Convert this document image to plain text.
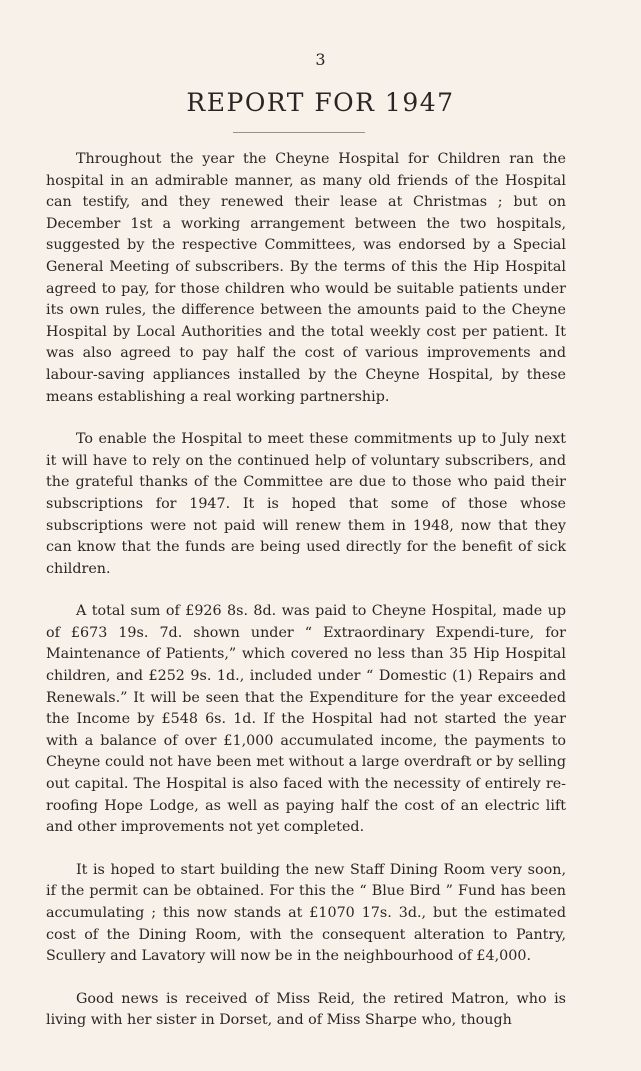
3
REPORT FOR 1947

Throughout the year the Cheyne Hospital for Children ran the hospital in an admirable manner, as many old friends of the Hospital can testify, and they renewed their lease at Christmas ; but on December 1st a working arrangement between the two hospitals, suggested by the respective Committees, was endorsed by a Special General Meeting of subscribers. By the terms of this the Hip Hospital agreed to pay, for those children who would be suitable patients under its own rules, the difference between the amounts paid to the Cheyne Hospital by Local Authorities and the total weekly cost per patient. It was also agreed to pay half the cost of various improvements and labour-saving appliances installed by the Cheyne Hospital, by these means establishing a real working partnership.

To enable the Hospital to meet these commitments up to July next it will have to rely on the continued help of voluntary subscribers, and the grateful thanks of the Committee are due to those who paid their subscriptions for 1947. It is hoped that some of those whose subscriptions were not paid will renew them in 1948, now that they can know that the funds are being used directly for the benefit of sick children.

A total sum of £926 8s. 8d. was paid to Cheyne Hospital, made up of £673 19s. 7d. shown under “ Extraordinary Expendi-ture, for Maintenance of Patients,” which covered no less than 35 Hip Hospital children, and £252 9s. 1d., included under “ Domestic (1) Repairs and Renewals.” It will be seen that the Expenditure for the year exceeded the Income by £548 6s. 1d. If the Hospital had not started the year with a balance of over £1,000 accumulated income, the payments to Cheyne could not have been met without a large overdraft or by selling out capital. The Hospital is also faced with the necessity of entirely re-roofing Hope Lodge, as well as paying half the cost of an electric lift and other improvements not yet completed.

It is hoped to start building the new Staff Dining Room very soon, if the permit can be obtained. For this the “ Blue Bird ” Fund has been accumulating ; this now stands at £1070 17s. 3d., but the estimated cost of the Dining Room, with the consequent alteration to Pantry, Scullery and Lavatory will now be in the neighbourhood of £4,000.

Good news is received of Miss Reid, the retired Matron, who is living with her sister in Dorset, and of Miss Sharpe who, though
